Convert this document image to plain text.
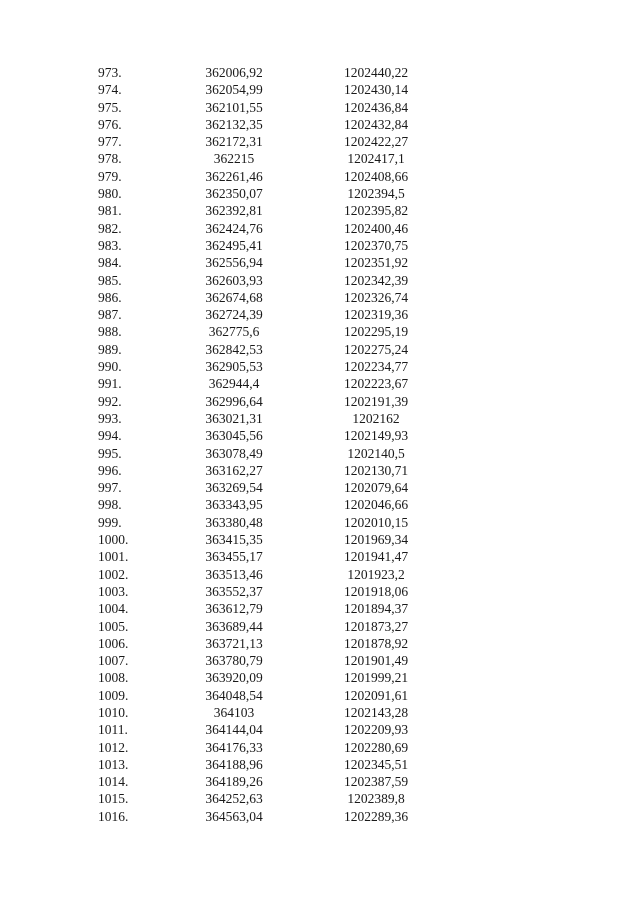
973.	362006,92	1202440,22
974.	362054,99	1202430,14
975.	362101,55	1202436,84
976.	362132,35	1202432,84
977.	362172,31	1202422,27
978.	362215	1202417,1
979.	362261,46	1202408,66
980.	362350,07	1202394,5
981.	362392,81	1202395,82
982.	362424,76	1202400,46
983.	362495,41	1202370,75
984.	362556,94	1202351,92
985.	362603,93	1202342,39
986.	362674,68	1202326,74
987.	362724,39	1202319,36
988.	362775,6	1202295,19
989.	362842,53	1202275,24
990.	362905,53	1202234,77
991.	362944,4	1202223,67
992.	362996,64	1202191,39
993.	363021,31	1202162
994.	363045,56	1202149,93
995.	363078,49	1202140,5
996.	363162,27	1202130,71
997.	363269,54	1202079,64
998.	363343,95	1202046,66
999.	363380,48	1202010,15
1000.	363415,35	1201969,34
1001.	363455,17	1201941,47
1002.	363513,46	1201923,2
1003.	363552,37	1201918,06
1004.	363612,79	1201894,37
1005.	363689,44	1201873,27
1006.	363721,13	1201878,92
1007.	363780,79	1201901,49
1008.	363920,09	1201999,21
1009.	364048,54	1202091,61
1010.	364103	1202143,28
1011.	364144,04	1202209,93
1012.	364176,33	1202280,69
1013.	364188,96	1202345,51
1014.	364189,26	1202387,59
1015.	364252,63	1202389,8
1016.	364563,04	1202289,36
